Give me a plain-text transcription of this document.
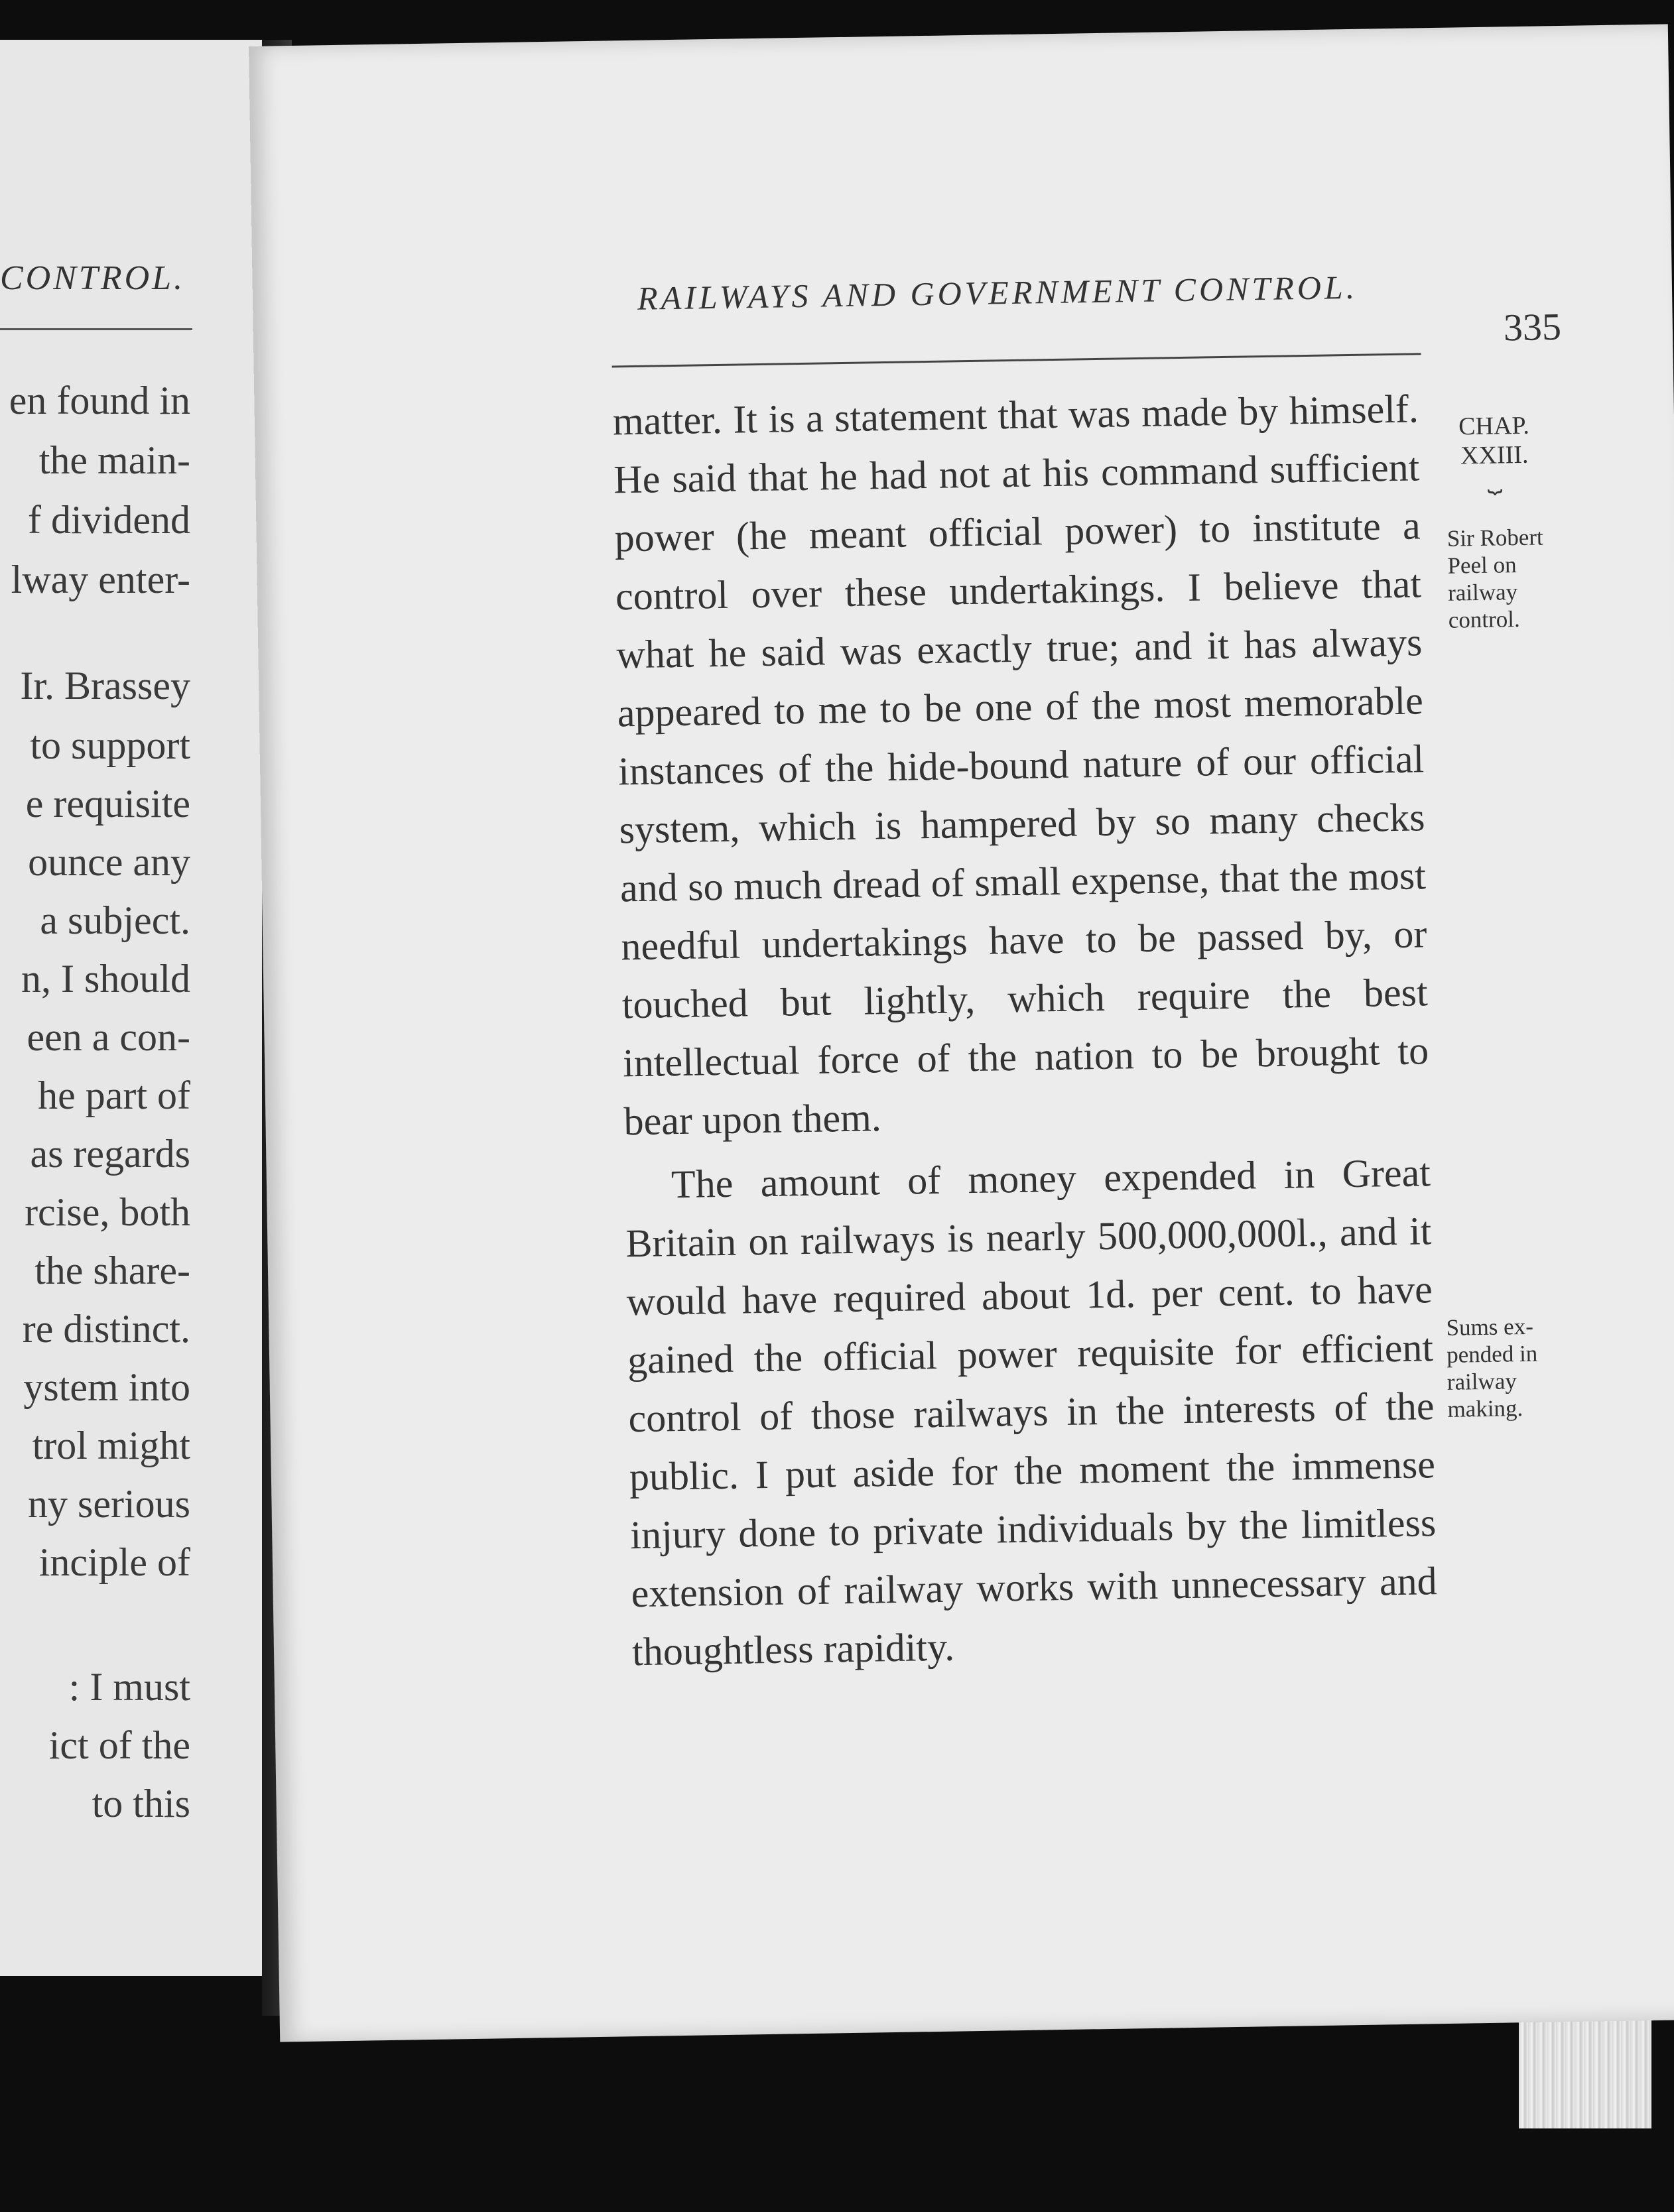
CONTROL.
en found in
the main-
f dividend
lway enter-
Ir. Brassey
to support
e requisite
ounce any
a subject.
n, I should
een a con-
he part of
as regards
rcise, both
the share-
re distinct.
ystem into
trol might
ny serious
inciple of
: I must
ict of the
to this
RAILWAYS AND GOVERNMENT CONTROL.
335
CHAP.
XXIII.
⏟
Sir Robert
Peel on
railway
control.
Sums ex-
pended in
railway
making.

matter. It is a statement that was made by himself. He said that he had not at his command sufficient power (he meant official power) to institute a control over these undertakings. I believe that what he said was exactly true; and it has always appeared to me to be one of the most memorable instances of the hide-bound nature of our official system, which is hampered by so many checks and so much dread of small expense, that the most needful undertakings have to be passed by, or touched but lightly, which require the best intellectual force of the nation to be brought to bear upon them.

The amount of money expended in Great Britain on railways is nearly 500,000,000l., and it would have required about 1d. per cent. to have gained the official power requisite for efficient control of those railways in the interests of the public. I put aside for the moment the immense injury done to private individuals by the limitless extension of railway works with unnecessary and thoughtless rapidity.
